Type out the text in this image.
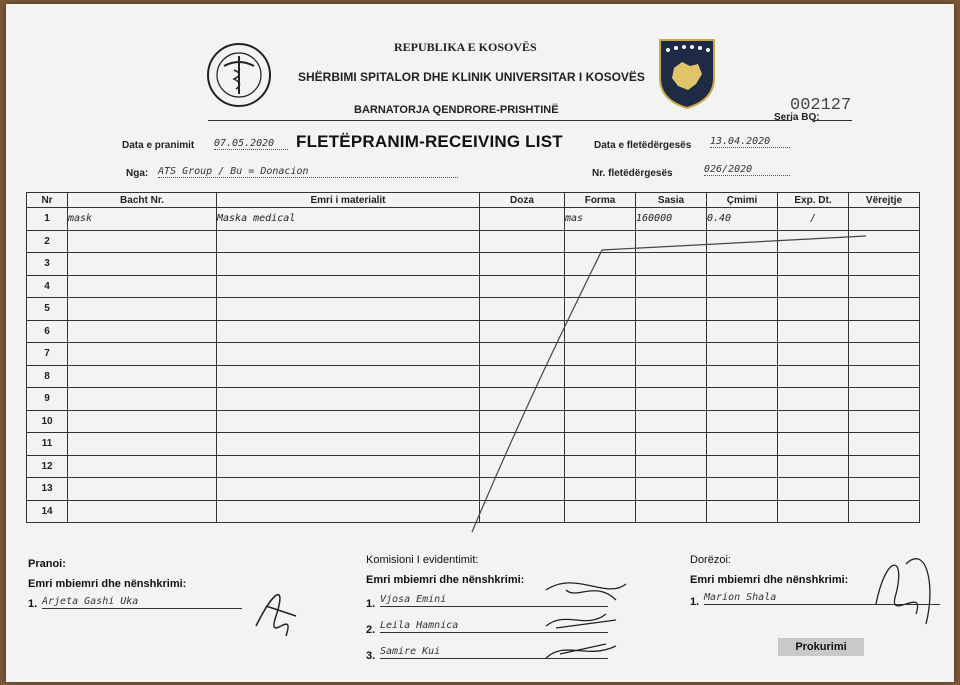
REPUBLIKA E KOSOVËS
SHËRBIMI SPITALOR DHE KLINIK UNIVERSITAR I KOSOVËS
BARNATORJA QENDRORE-PRISHTINË
Seria BQ:
002127
FLETËPRANIM-RECEIVING LIST
Data e pranimit 07.05.2020	Data e fletëdërgesës 13.04.2020
Nga: ATS Group / Bu = Donacion	Nr. fletëdërgesës	026/2020
Nr	Bacht Nr.	Emri i materialit	Doza	Forma	Sasia	Çmimi	Exp. Dt.	Vërejtje
1	mask	Maska medical		mas	160000	0.40	/	
2								
3								
4								
5								
6								
7								
8								
9								
10								
11								
12								
13								
14								
Pranoi:
Emri mbiemri dhe nënshkrimi:
1. Arjeta Gashi Uka
Komisioni I evidentimit:
Emri mbiemri dhe nënshkrimi:
1. Vjosa Emini
2. Leila Hamnica
3. Samire Kui
Dorëzoi:
Emri mbiemri dhe nënshkrimi:
1. Marion Shala
Prokurimi
